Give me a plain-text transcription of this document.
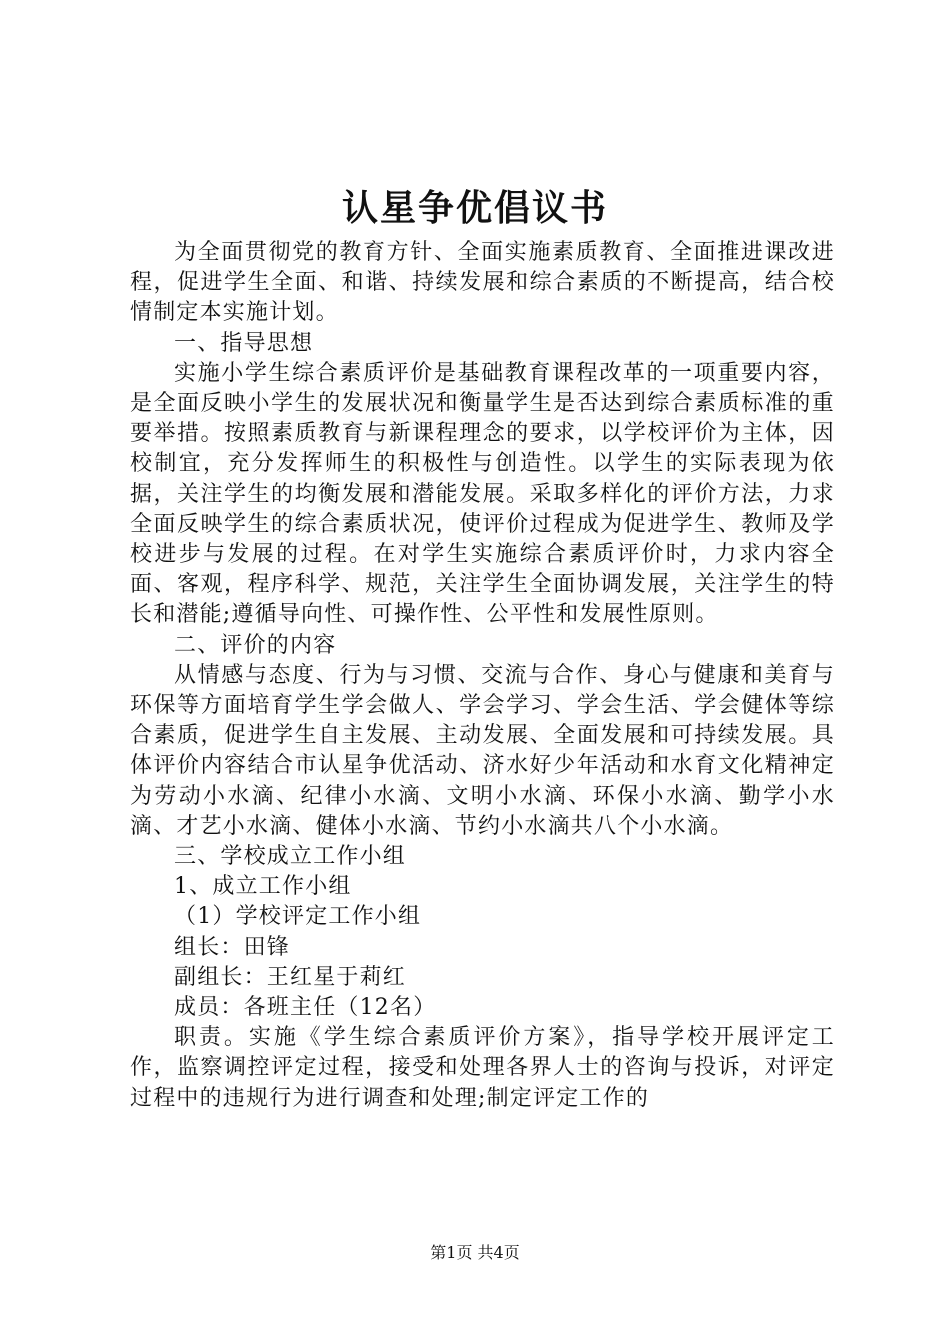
认星争优倡议书

为全面贯彻党的教育方针、全面实施素质教育、全面推进课改进程，促进学生全面、和谐、持续发展和综合素质的不断提高，结合校情制定本实施计划。

一、指导思想

实施小学生综合素质评价是基础教育课程改革的一项重要内容，是全面反映小学生的发展状况和衡量学生是否达到综合素质标准的重要举措。按照素质教育与新课程理念的要求，以学校评价为主体，因校制宜，充分发挥师生的积极性与创造性。以学生的实际表现为依据，关注学生的均衡发展和潜能发展。采取多样化的评价方法，力求全面反映学生的综合素质状况，使评价过程成为促进学生、教师及学校进步与发展的过程。在对学生实施综合素质评价时，力求内容全面、客观，程序科学、规范，关注学生全面协调发展，关注学生的特长和潜能;遵循导向性、可操作性、公平性和发展性原则。

二、评价的内容

从情感与态度、行为与习惯、交流与合作、身心与健康和美育与环保等方面培育学生学会做人、学会学习、学会生活、学会健体等综合素质，促进学生自主发展、主动发展、全面发展和可持续发展。具体评价内容结合市认星争优活动、济水好少年活动和水育文化精神定为劳动小水滴、纪律小水滴、文明小水滴、环保小水滴、勤学小水滴、才艺小水滴、健体小水滴、节约小水滴共八个小水滴。

三、学校成立工作小组

1、成立工作小组

（1）学校评定工作小组

组长：田锋

副组长：王红星于莉红

成员：各班主任（12名）

职责。实施《学生综合素质评价方案》，指导学校开展评定工作，监察调控评定过程，接受和处理各界人士的咨询与投诉，对评定过程中的违规行为进行调查和处理;制定评定工作的

第1页 共4页
